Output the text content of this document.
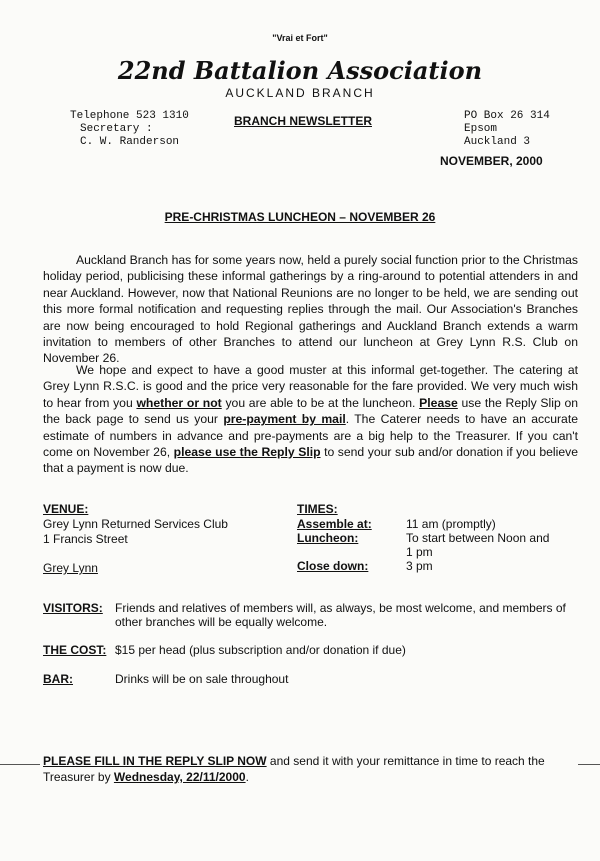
"Vrai et Fort"
22nd Battalion Association
AUCKLAND BRANCH
Telephone 523 1310
Secretary :
C. W. Randerson
BRANCH NEWSLETTER	PO Box 26 314
Epsom
Auckland 3
NOVEMBER, 2000
PRE-CHRISTMAS LUNCHEON – NOVEMBER 26
Auckland Branch has for some years now, held a purely social function prior to the Christmas holiday period, publicising these informal gatherings by a ring-around to potential attenders in and near Auckland. However, now that National Reunions are no longer to be held, we are sending out this more formal notification and requesting replies through the mail. Our Association's Branches are now being encouraged to hold Regional gatherings and Auckland Branch extends a warm invitation to members of other Branches to attend our luncheon at Grey Lynn R.S. Club on November 26.
We hope and expect to have a good muster at this informal get-together. The catering at Grey Lynn R.S.C. is good and the price very reasonable for the fare provided. We very much wish to hear from you whether or not you are able to be at the luncheon. Please use the Reply Slip on the back page to send us your pre-payment by mail. The Caterer needs to have an accurate estimate of numbers in advance and pre-payments are a big help to the Treasurer. If you can't come on November 26, please use the Reply Slip to send your sub and/or donation if you believe that a payment is now due.
VENUE:
Grey Lynn Returned Services Club
1 Francis Street
Grey Lynn
TIMES:
Assemble at:	11 am (promptly)
Luncheon:	To start between Noon and
1 pm
Close down:	3 pm
VISITORS: Friends and relatives of members will, as always, be most welcome, and members of
other branches will be equally welcome.
THE COST: $15 per head (plus subscription and/or donation if due)
BAR:	Drinks will be on sale throughout
PLEASE FILL IN THE REPLY SLIP NOW and send it with your remittance in time to reach the Treasurer by Wednesday, 22/11/2000.
